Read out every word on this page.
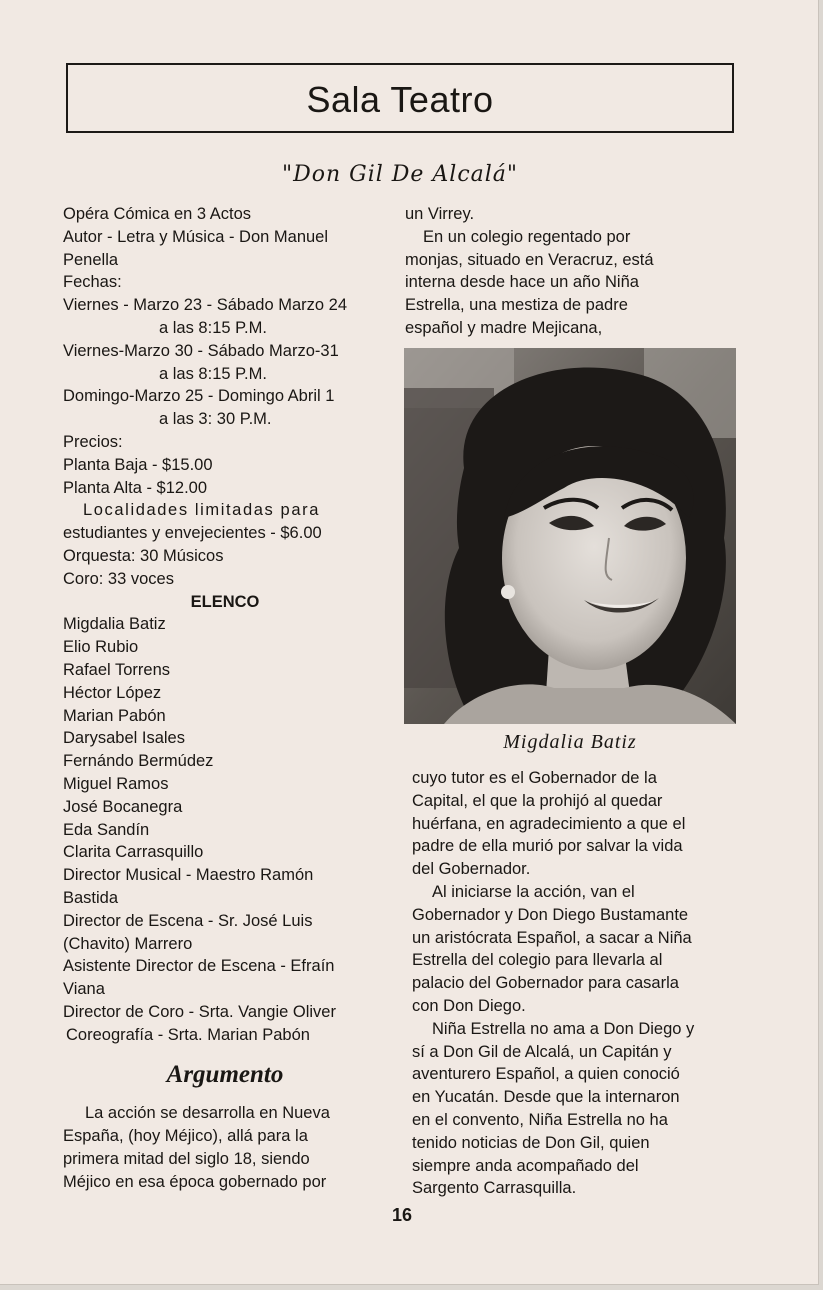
Sala Teatro
"Don Gil De Alcalá"
Opéra Cómica en 3 Actos
Autor - Letra y Música - Don Manuel
Penella
Fechas:
Viernes - Marzo 23 - Sábado Marzo 24
a las 8:15 P.M.
Viernes-Marzo 30 - Sábado Marzo-31
a las 8:15 P.M.
Domingo-Marzo 25 - Domingo Abril 1
a las 3: 30 P.M.
Precios:
Planta Baja - $15.00
Planta Alta - $12.00
Localidades limitadas para
estudiantes y envejecientes - $6.00
Orquesta: 30 Músicos
Coro: 33 voces
ELENCO
Migdalia Batiz
Elio Rubio
Rafael Torrens
Héctor López
Marian Pabón
Darysabel Isales
Fernándo Bermúdez
Miguel Ramos
José Bocanegra
Eda Sandín
Clarita Carrasquillo
Director Musical - Maestro Ramón
Bastida
Director de Escena - Sr. José Luis
(Chavito) Marrero
Asistente Director de Escena - Efraín
Viana
Director de Coro - Srta. Vangie Oliver
Coreografía - Srta. Marian Pabón
Argumento
La acción se desarrolla en Nueva
España, (hoy Méjico), allá para la
primera mitad del siglo 18, siendo
Méjico en esa época gobernado por
un Virrey.
En un colegio regentado por
monjas, situado en Veracruz, está
interna desde hace un año Niña
Estrella, una mestiza de padre
español y madre Mejicana,
Migdalia Batiz
cuyo tutor es el Gobernador de la
Capital, el que la prohijó al quedar
huérfana, en agradecimiento a que el
padre de ella murió por salvar la vida
del Gobernador.
Al iniciarse la acción, van el
Gobernador y Don Diego Bustamante
un aristócrata Español, a sacar a Niña
Estrella del colegio para llevarla al
palacio del Gobernador para casarla
con Don Diego.
Niña Estrella no ama a Don Diego y
sí a Don Gil de Alcalá, un Capitán y
aventurero Español, a quien conoció
en Yucatán. Desde que la internaron
en el convento, Niña Estrella no ha
tenido noticias de Don Gil, quien
siempre anda acompañado del
Sargento Carrasquilla.
16
